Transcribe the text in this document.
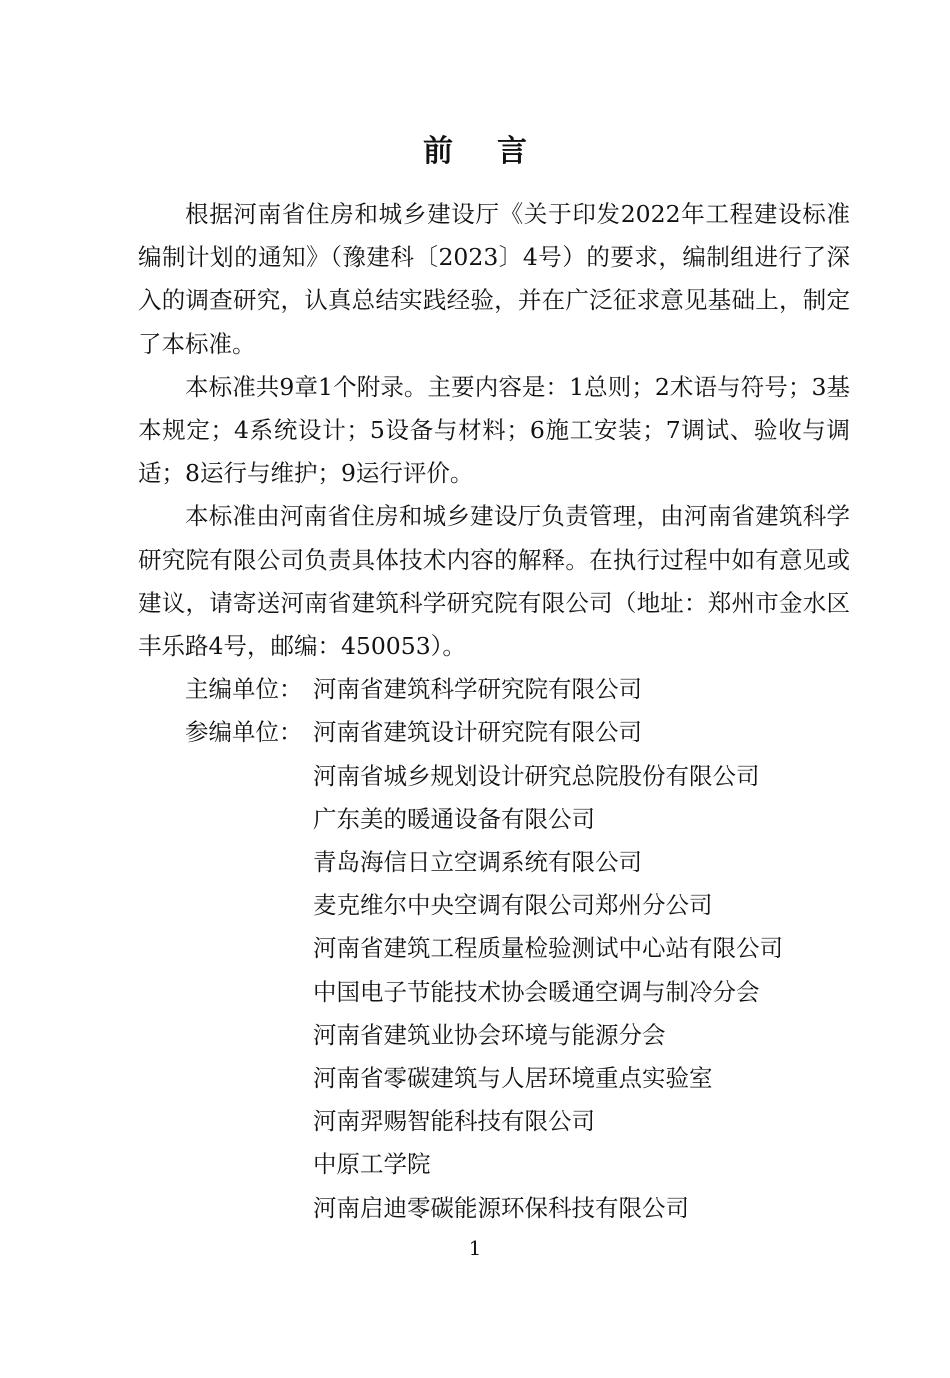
前言

根据河南省住房和城乡建设厅《关于印发2022年工程建设标准编制计划的通知》（豫建科〔2023〕4号）的要求，编制组进行了深入的调查研究，认真总结实践经验，并在广泛征求意见基础上，制定了本标准。

本标准共9章1个附录。主要内容是：1总则；2术语与符号；3基本规定；4系统设计；5设备与材料；6施工安装；7调试、验收与调适；8运行与维护；9运行评价。

本标准由河南省住房和城乡建设厅负责管理，由河南省建筑科学研究院有限公司负责具体技术内容的解释。在执行过程中如有意见或建议，请寄送河南省建筑科学研究院有限公司（地址：郑州市金水区丰乐路4号，邮编：450053）。

主编单位： 河南省建筑科学研究院有限公司
参编单位： 河南省建筑设计研究院有限公司
河南省城乡规划设计研究总院股份有限公司
广东美的暖通设备有限公司
青岛海信日立空调系统有限公司
麦克维尔中央空调有限公司郑州分公司
河南省建筑工程质量检验测试中心站有限公司
中国电子节能技术协会暖通空调与制冷分会
河南省建筑业协会环境与能源分会
河南省零碳建筑与人居环境重点实验室
河南羿赐智能科技有限公司
中原工学院
河南启迪零碳能源环保科技有限公司
1
